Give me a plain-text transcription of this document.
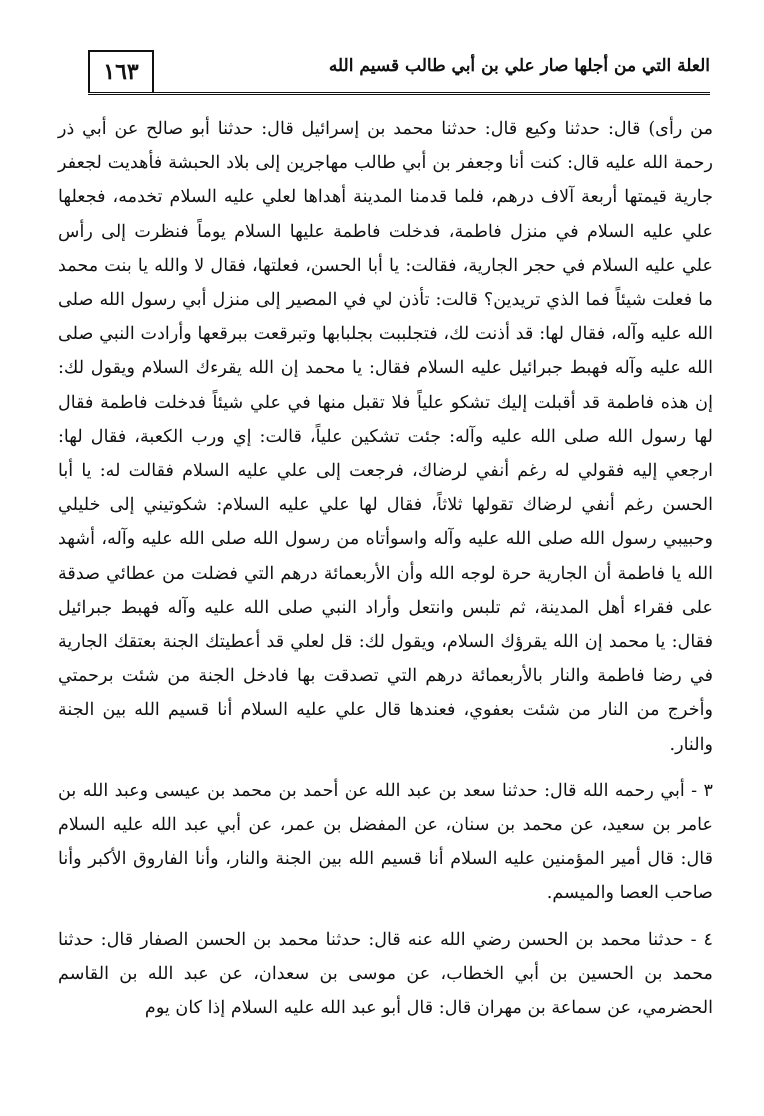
١٦٣	العلة التي من أجلها صار علي بن أبي طالب قسيم الله

من رأى) قال: حدثنا وكيع قال: حدثنا محمد بن إسرائيل قال: حدثنا أبو صالح عن أبي ذر رحمة الله عليه قال: كنت أنا وجعفر بن أبي طالب مهاجرين إلى بلاد الحبشة فأهديت لجعفر جارية قيمتها أربعة آلاف درهم، فلما قدمنا المدينة أهداها لعلي عليه السلام تخدمه، فجعلها علي عليه السلام في منزل فاطمة، فدخلت فاطمة عليها السلام يوماً فنظرت إلى رأس علي عليه السلام في حجر الجارية، فقالت: يا أبا الحسن، فعلتها، فقال لا والله يا بنت محمد ما فعلت شيئاً فما الذي تريدين؟ قالت: تأذن لي في المصير إلى منزل أبي رسول الله صلى الله عليه وآله، فقال لها: قد أذنت لك، فتجلببت بجلبابها وتبرقعت ببرقعها وأرادت النبي صلى الله عليه وآله فهبط جبرائيل عليه السلام فقال: يا محمد إن الله يقرءك السلام ويقول لك: إن هذه فاطمة قد أقبلت إليك تشكو علياً فلا تقبل منها في علي شيئاً فدخلت فاطمة فقال لها رسول الله صلى الله عليه وآله: جئت تشكين علياً، قالت: إي ورب الكعبة، فقال لها: ارجعي إليه فقولي له رغم أنفي لرضاك، فرجعت إلى علي عليه السلام فقالت له: يا أبا الحسن رغم أنفي لرضاك تقولها ثلاثاً، فقال لها علي عليه السلام: شكوتيني إلى خليلي وحبيبي رسول الله صلى الله عليه وآله واسوأتاه من رسول الله صلى الله عليه وآله، أشهد الله يا فاطمة أن الجارية حرة لوجه الله وأن الأربعمائة درهم التي فضلت من عطائي صدقة على فقراء أهل المدينة، ثم تلبس وانتعل وأراد النبي صلى الله عليه وآله فهبط جبرائيل فقال: يا محمد إن الله يقرؤك السلام، ويقول لك: قل لعلي قد أعطيتك الجنة بعتقك الجارية في رضا فاطمة والنار بالأربعمائة درهم التي تصدقت بها فادخل الجنة من شئت برحمتي وأخرج من النار من شئت بعفوي، فعندها قال علي عليه السلام أنا قسيم الله بين الجنة والنار.

٣ - أبي رحمه الله قال: حدثنا سعد بن عبد الله عن أحمد بن محمد بن عيسى وعبد الله بن عامر بن سعيد، عن محمد بن سنان، عن المفضل بن عمر، عن أبي عبد الله عليه السلام قال: قال أمير المؤمنين عليه السلام أنا قسيم الله بين الجنة والنار، وأنا الفاروق الأكبر وأنا صاحب العصا والميسم.

٤ - حدثنا محمد بن الحسن رضي الله عنه قال: حدثنا محمد بن الحسن الصفار قال: حدثنا محمد بن الحسين بن أبي الخطاب، عن موسى بن سعدان، عن عبد الله بن القاسم الحضرمي، عن سماعة بن مهران قال: قال أبو عبد الله عليه السلام إذا كان يوم
